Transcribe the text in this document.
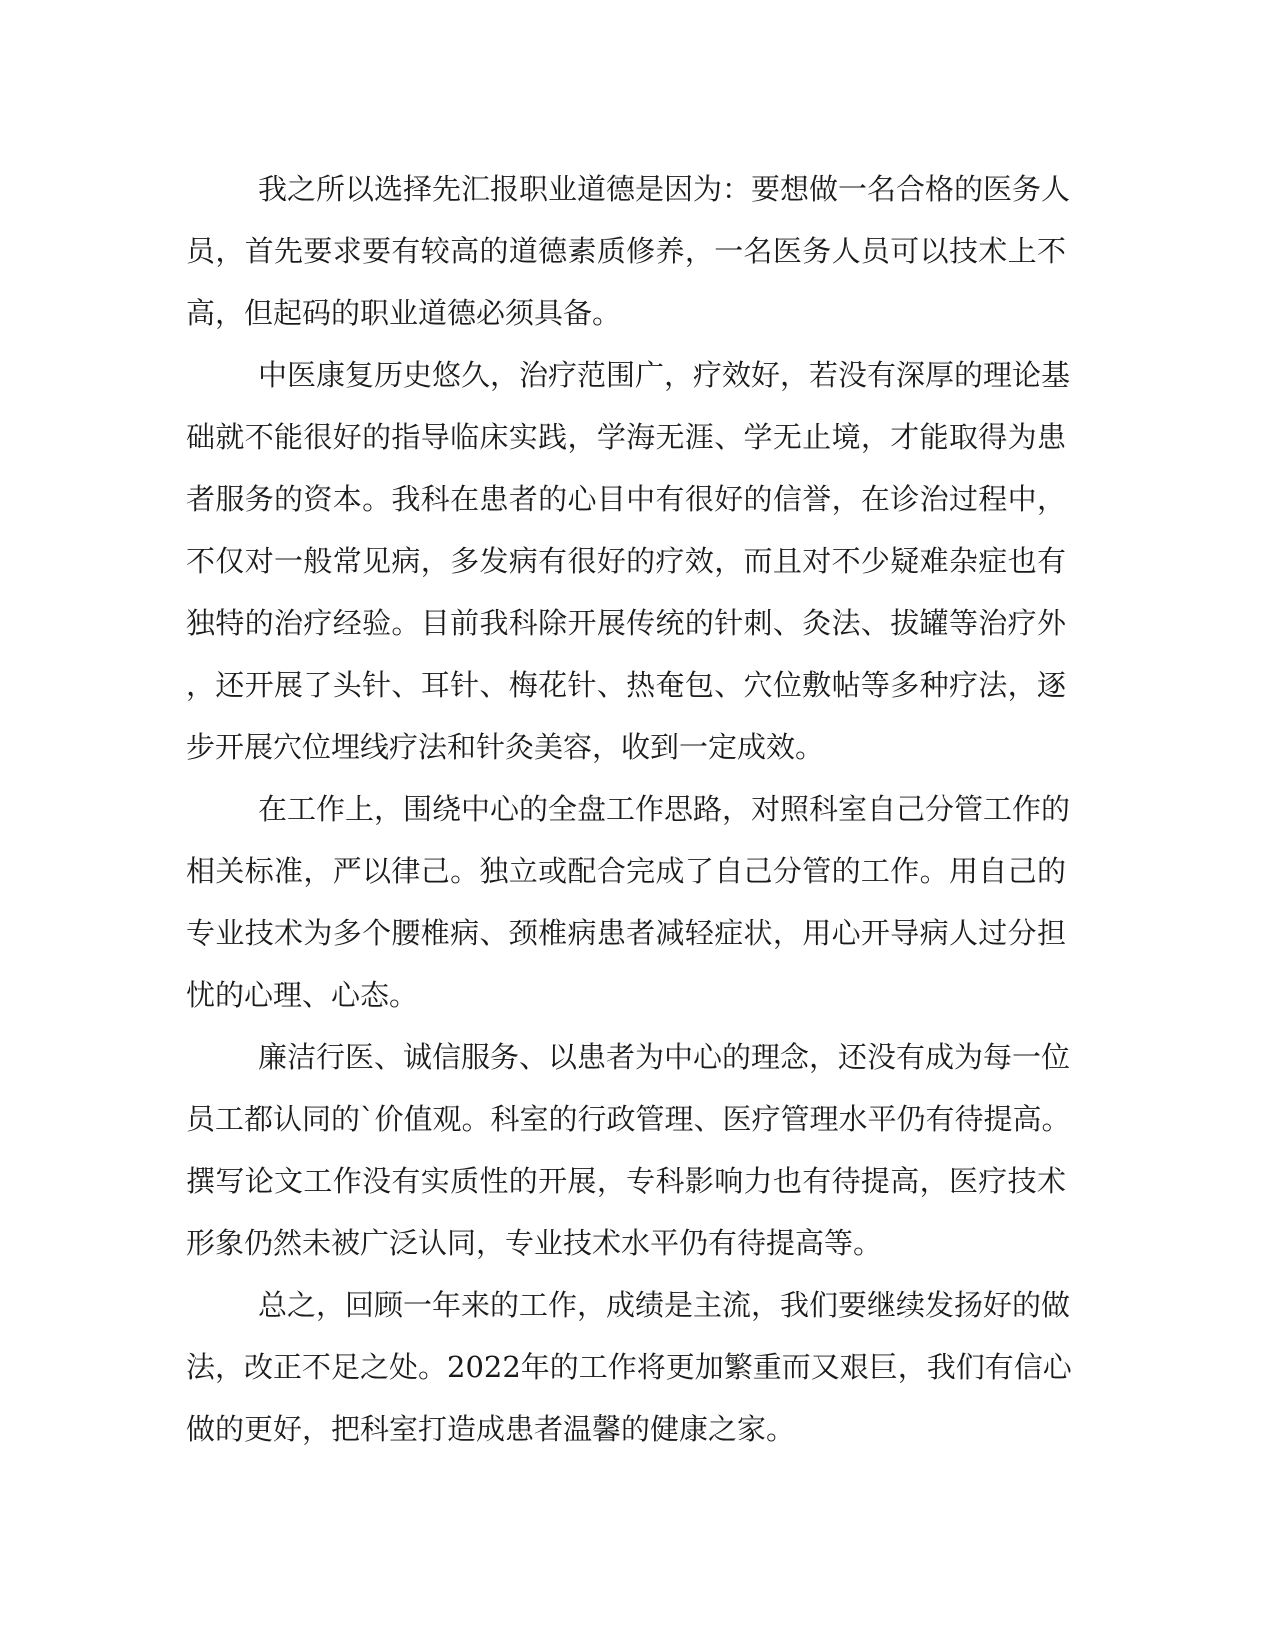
我之所以选择先汇报职业道德是因为：要想做一名合格的医务人
员，首先要求要有较高的道德素质修养，一名医务人员可以技术上不
高，但起码的职业道德必须具备。
中医康复历史悠久，治疗范围广，疗效好，若没有深厚的理论基
础就不能很好的指导临床实践，学海无涯、学无止境，才能取得为患
者服务的资本。我科在患者的心目中有很好的信誉，在诊治过程中，
不仅对一般常见病，多发病有很好的疗效，而且对不少疑难杂症也有
独特的治疗经验。目前我科除开展传统的针刺、灸法、拔罐等治疗外
，还开展了头针、耳针、梅花针、热奄包、穴位敷帖等多种疗法，逐
步开展穴位埋线疗法和针灸美容，收到一定成效。
在工作上，围绕中心的全盘工作思路，对照科室自己分管工作的
相关标准，严以律己。独立或配合完成了自己分管的工作。用自己的
专业技术为多个腰椎病、颈椎病患者减轻症状，用心开导病人过分担
忧的心理、心态。
廉洁行医、诚信服务、以患者为中心的理念，还没有成为每一位
员工都认同的`价值观。科室的行政管理、医疗管理水平仍有待提高。
撰写论文工作没有实质性的开展，专科影响力也有待提高，医疗技术
形象仍然未被广泛认同，专业技术水平仍有待提高等。
总之，回顾一年来的工作，成绩是主流，我们要继续发扬好的做
法，改正不足之处。2022年的工作将更加繁重而又艰巨，我们有信心
做的更好，把科室打造成患者温馨的健康之家。
